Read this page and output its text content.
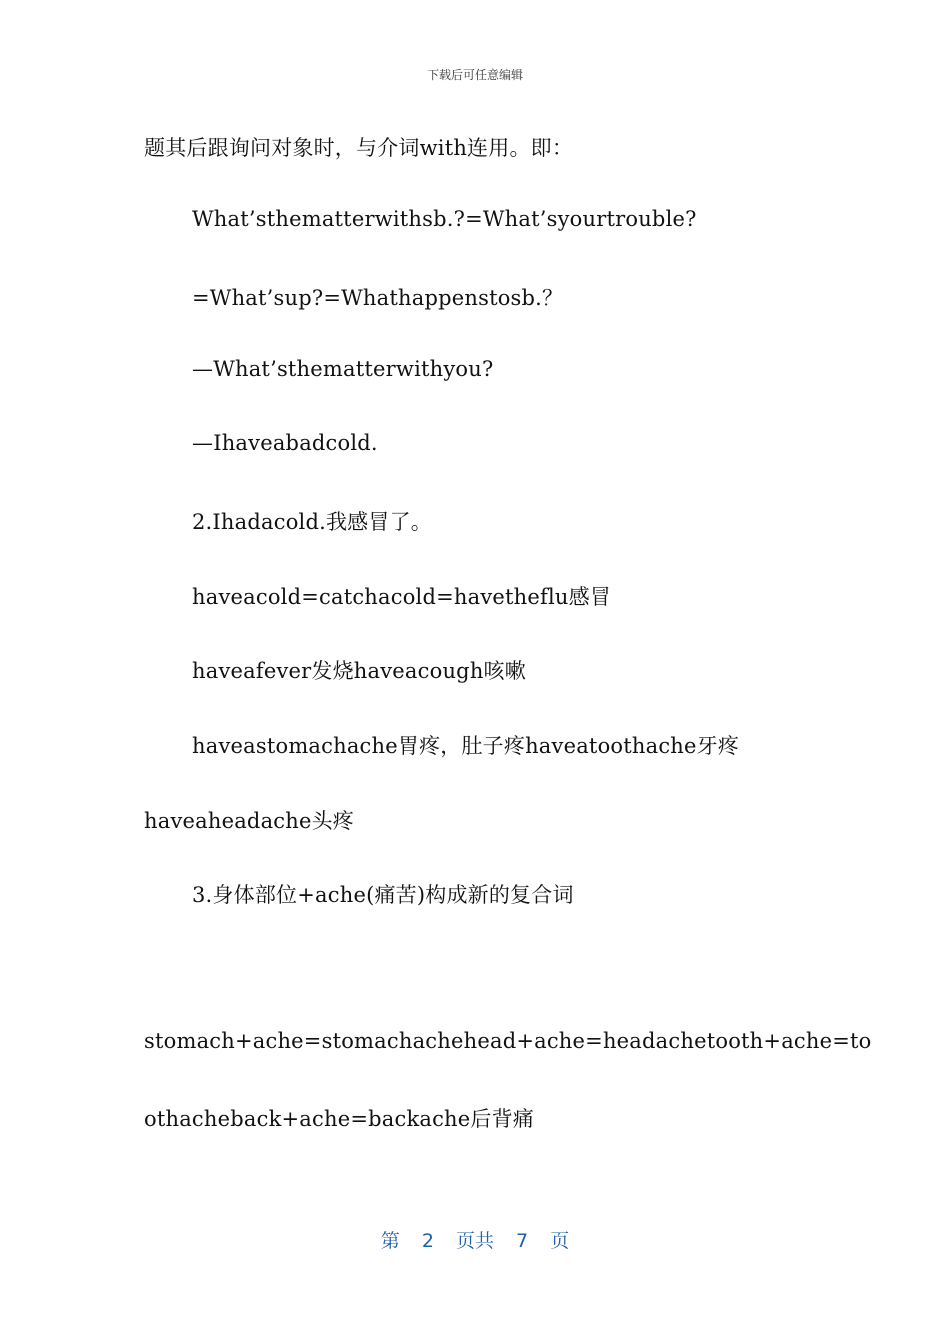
下载后可任意编辑
题其后跟询问对象时，与介词with连用。即：
What’sthematterwithsb.?=What’syourtrouble?
=What’sup?=Whathappenstosb.？
—What’sthematterwithyou?
—Ihaveabadcold.
2.Ihadacold.我感冒了。
haveacold=catchacold=havetheflu感冒
haveafever发烧haveacough咳嗽
haveastomachache胃疼，肚子疼haveatoothache牙疼
haveaheadache头疼
3.身体部位+ache(痛苦)构成新的复合词
stomach+ache=stomachachehead+ache=headachetooth+ache=to
othacheback+ache=backache后背痛
第 2 页共 7 页
